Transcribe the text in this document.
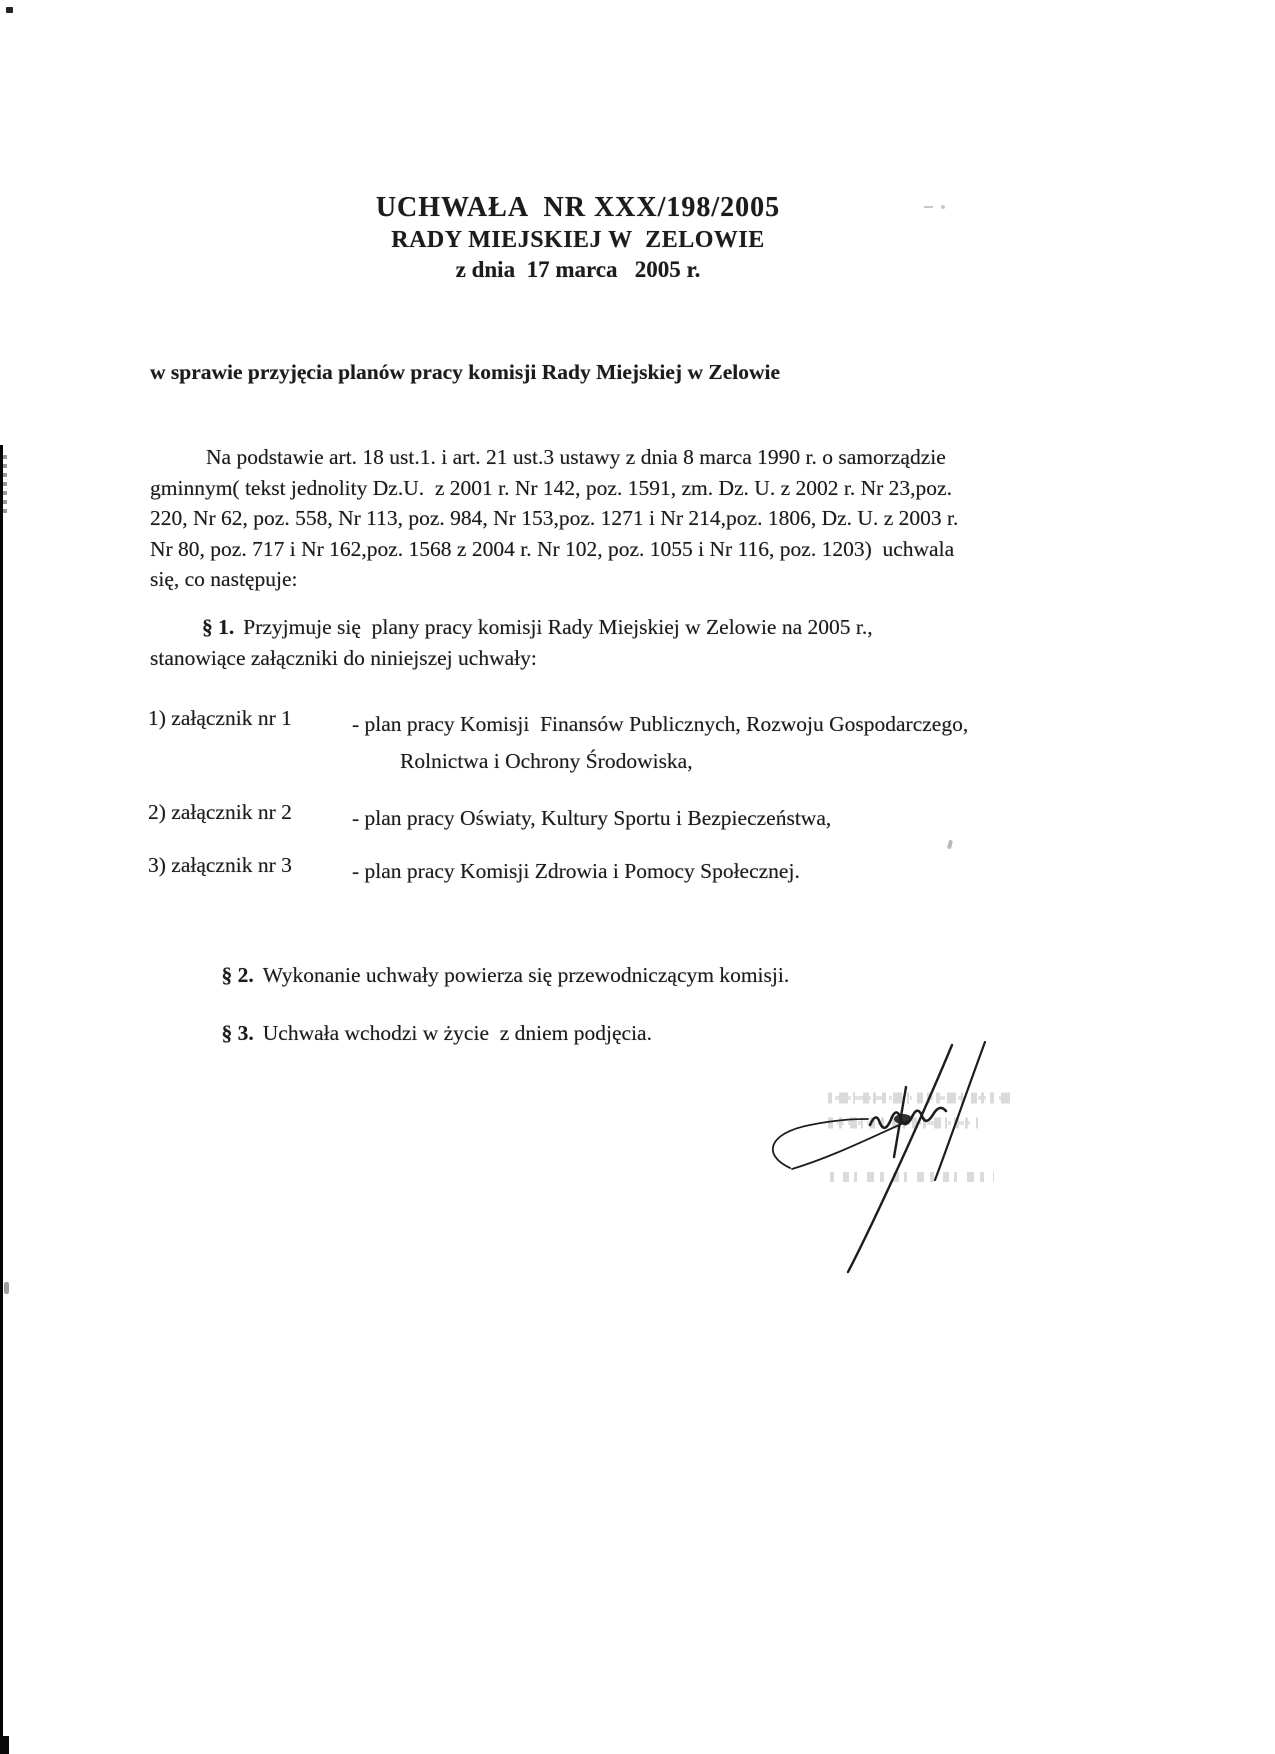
UCHWAŁA  NR XXX/198/2005
RADY MIEJSKIEJ W  ZELOWIE
z dnia  17 marca   2005 r.
w sprawie przyjęcia planów pracy komisji Rady Miejskiej w Zelowie
Na podstawie art. 18 ust.1. i art. 21 ust.3 ustawy z dnia 8 marca 1990 r. o samorządzie
gminnym( tekst jednolity Dz.U.  z 2001 r. Nr 142, poz. 1591, zm. Dz. U. z 2002 r. Nr 23,poz.
220, Nr 62, poz. 558, Nr 113, poz. 984, Nr 153,poz. 1271 i Nr 214,poz. 1806, Dz. U. z 2003 r.
Nr 80, poz. 717 i Nr 162,poz. 1568 z 2004 r. Nr 102, poz. 1055 i Nr 116, poz. 1203)  uchwala
się, co następuje:
§ 1. Przyjmuje się  plany pracy komisji Rady Miejskiej w Zelowie na 2005 r.,
stanowiące załączniki do niniejszej uchwały:
1) załącznik nr 1	- plan pracy Komisji  Finansów Publicznych, Rozwoju Gospodarczego,
Rolnictwa i Ochrony Środowiska,
2) załącznik nr 2	- plan pracy Oświaty, Kultury Sportu i Bezpieczeństwa,
3) załącznik nr 3	- plan pracy Komisji Zdrowia i Pomocy Społecznej.

§ 2. Wykonanie uchwały powierza się przewodniczącym komisji.

§ 3. Uchwała wchodzi w życie  z dniem podjęcia.
